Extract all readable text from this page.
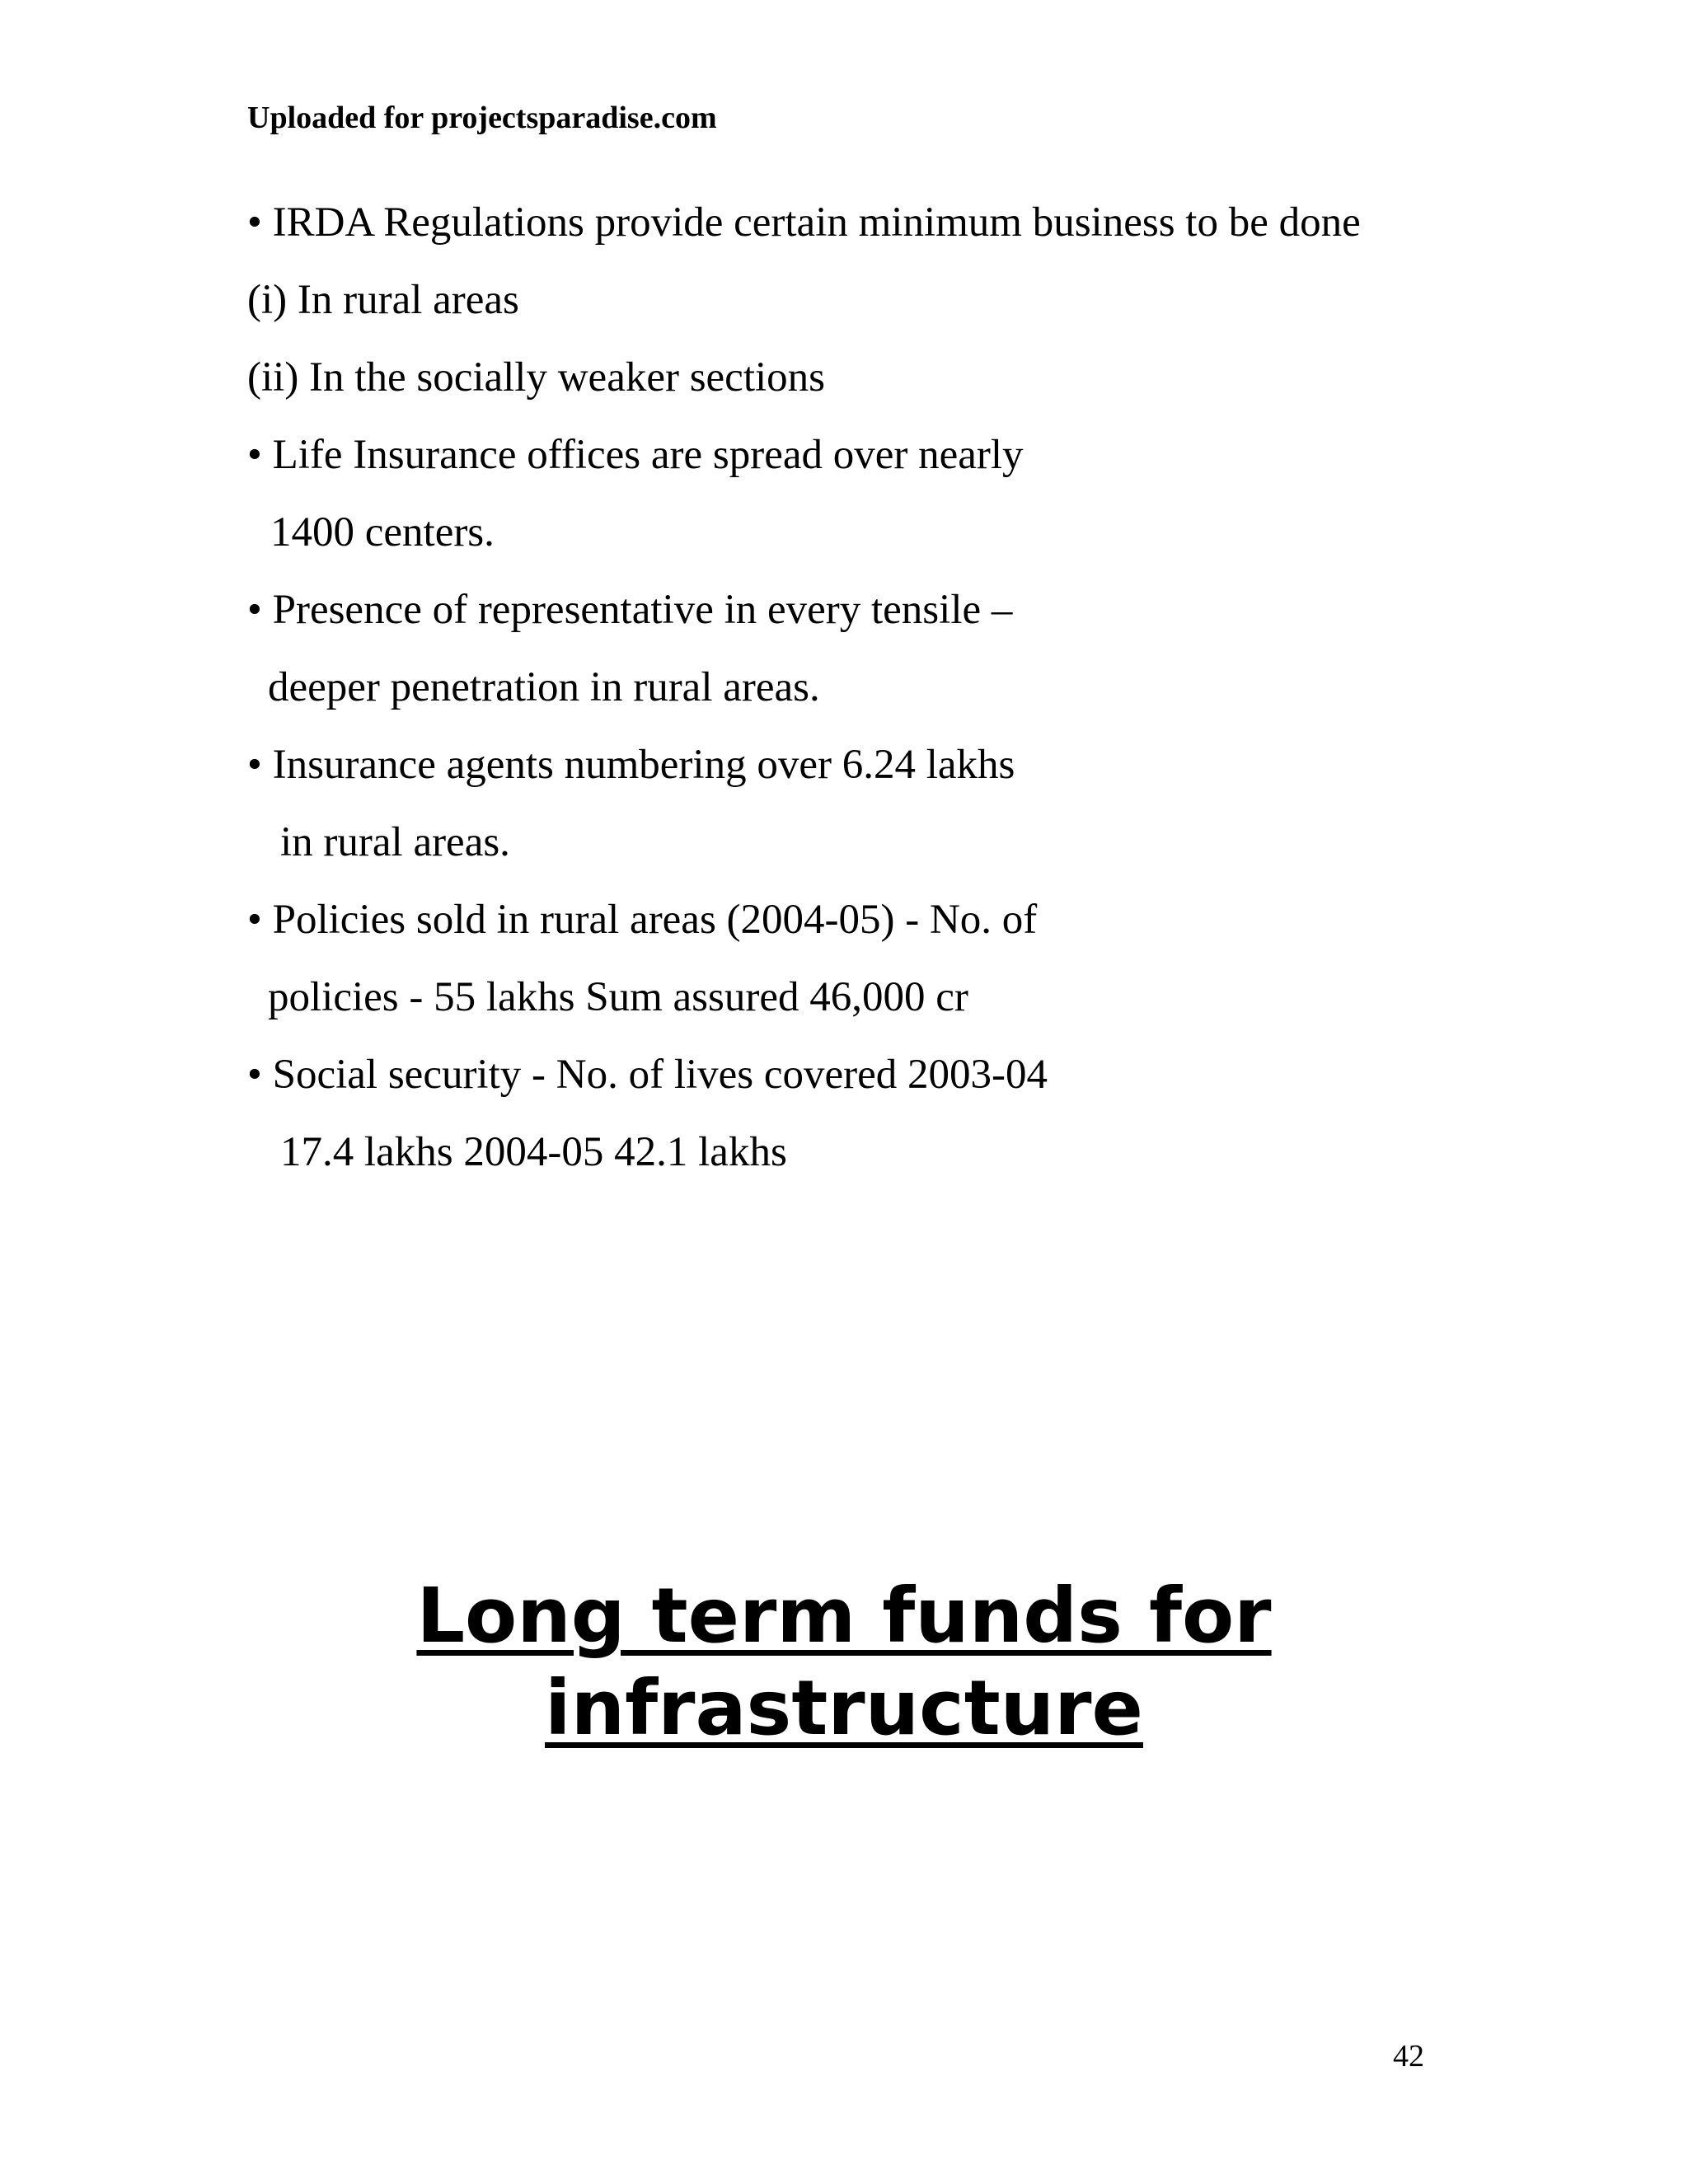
Uploaded for projectsparadise.com
• IRDA Regulations provide certain minimum business to be done
(i) In rural areas
(ii) In the socially weaker sections
• Life Insurance offices are spread over nearly
1400 centers.
• Presence of representative in every tensile –
deeper penetration in rural areas.
• Insurance agents numbering over 6.24 lakhs
in rural areas.
• Policies sold in rural areas (2004-05) - No. of
policies - 55 lakhs Sum assured 46,000 cr
• Social security - No. of lives covered 2003-04
17.4 lakhs 2004-05 42.1 lakhs
Long term funds for
infrastructure
42
